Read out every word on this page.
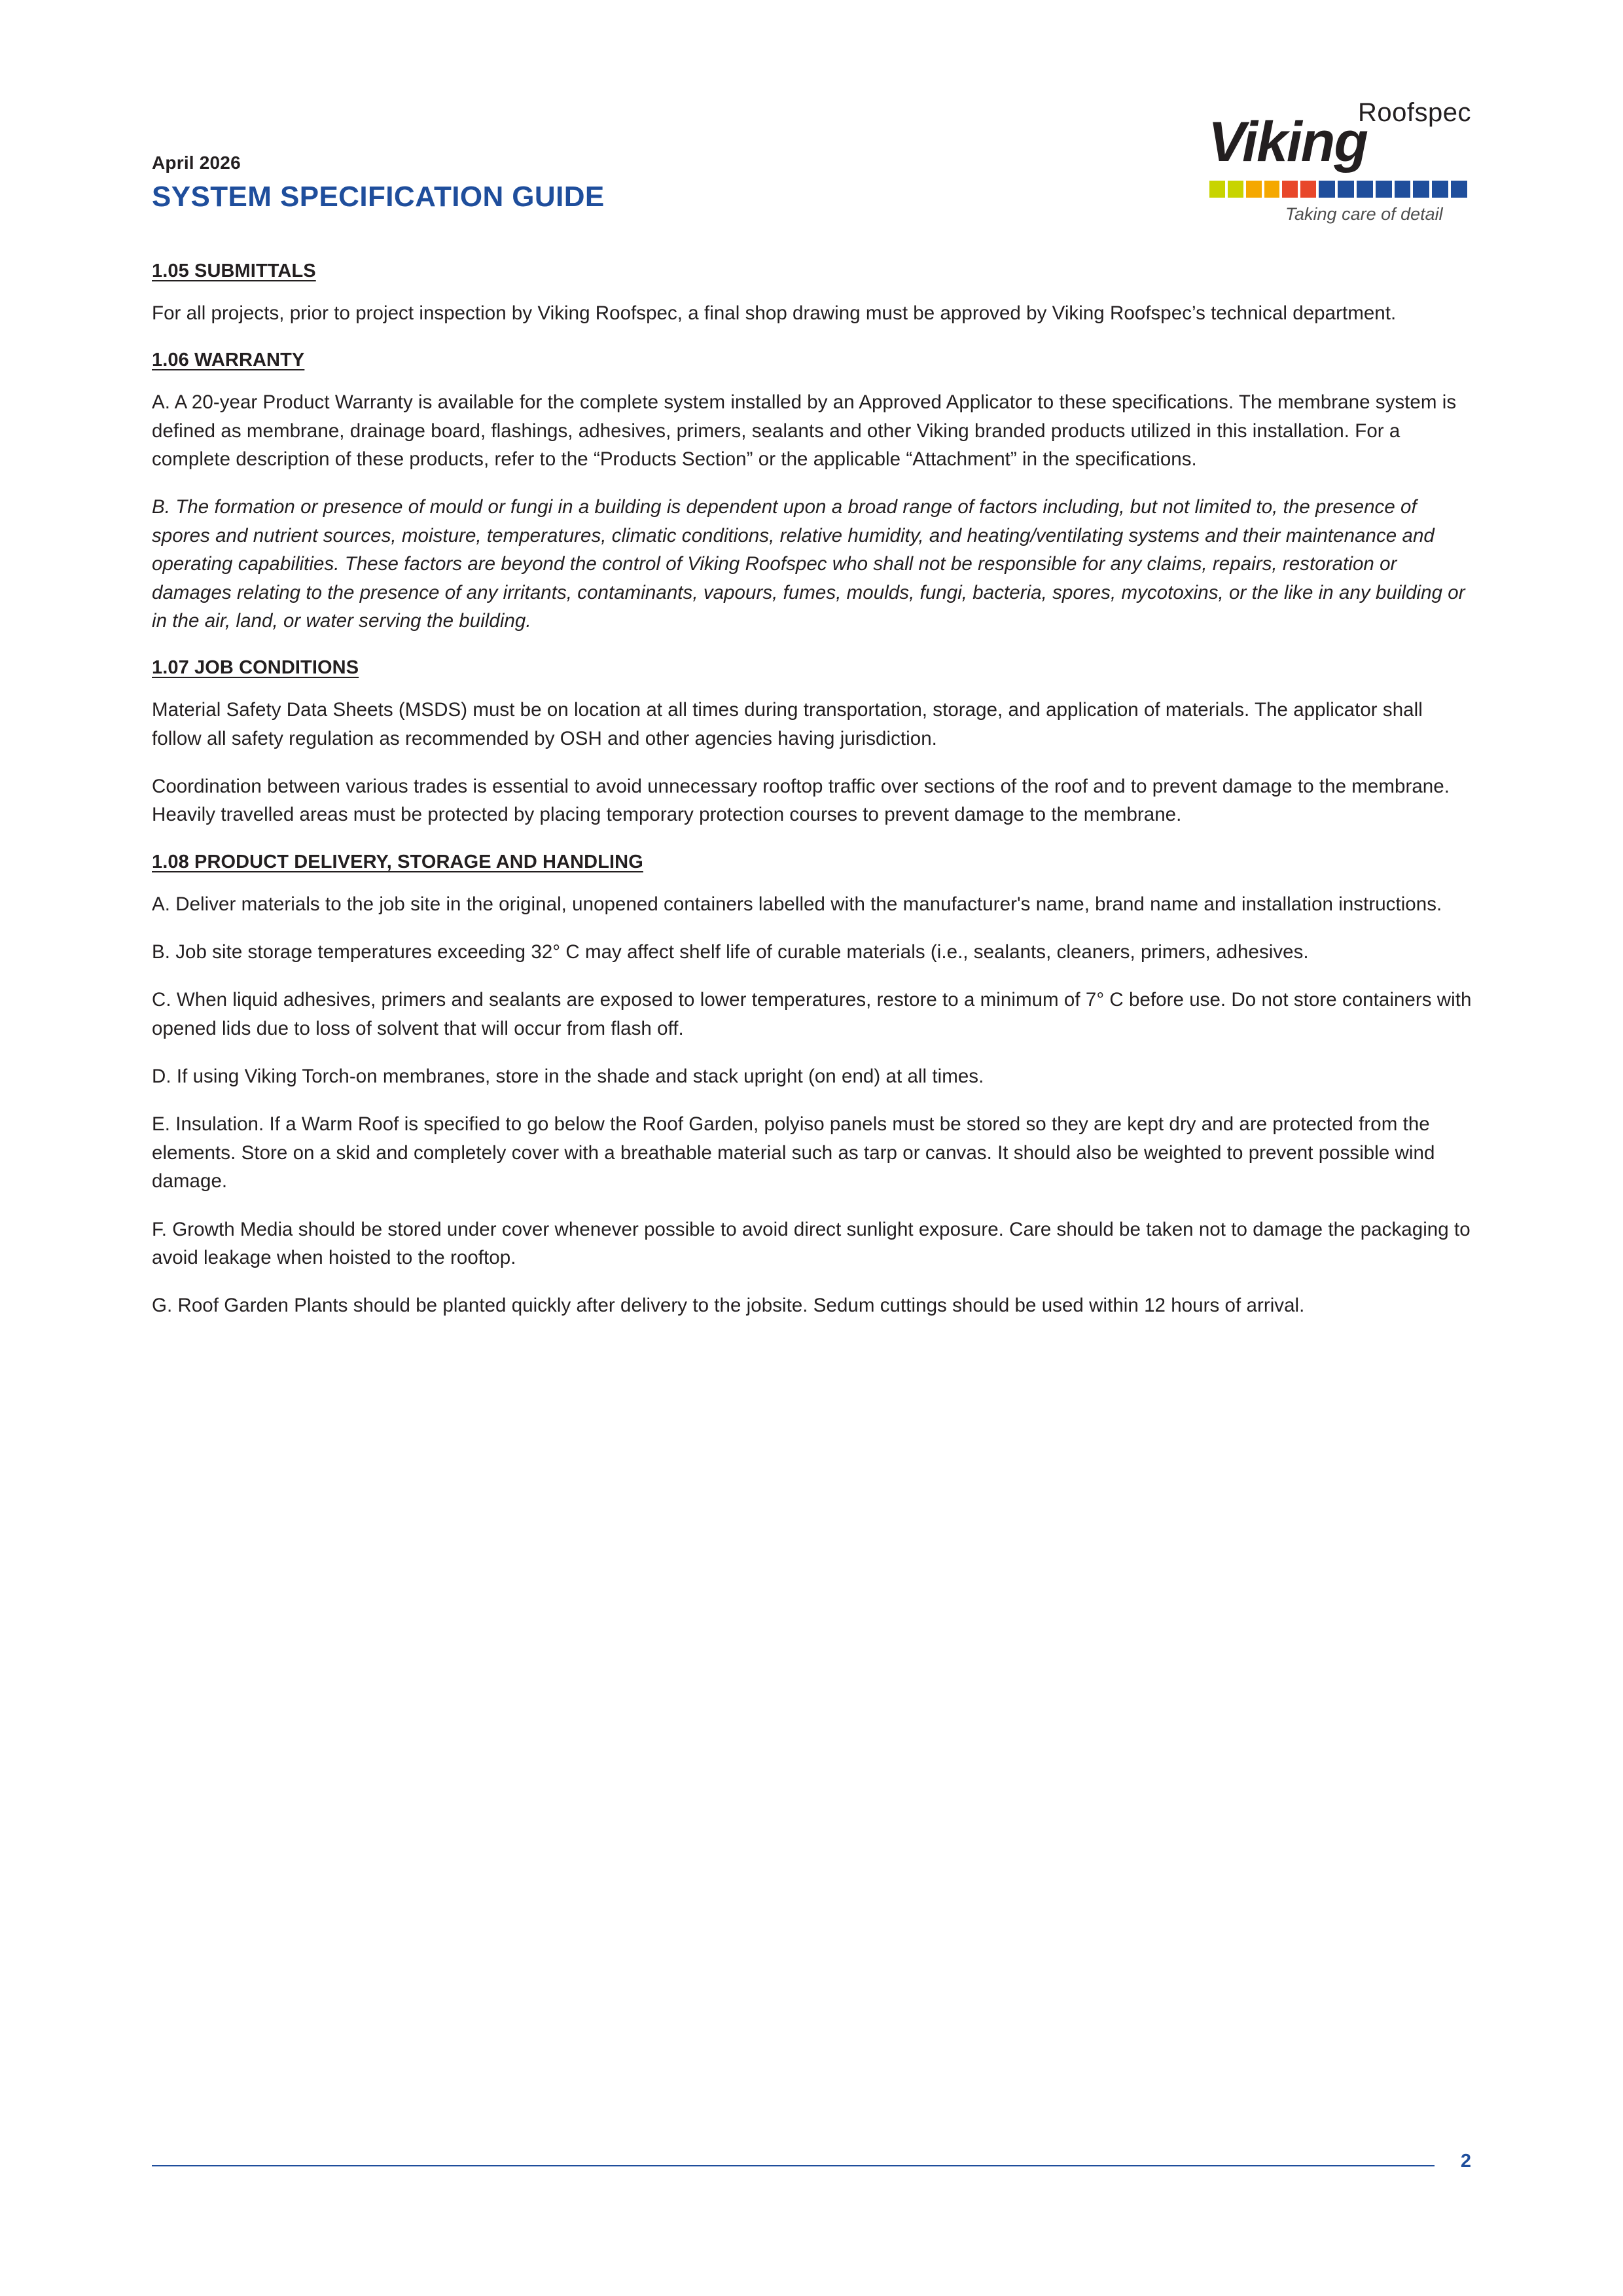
April 2026
SYSTEM SPECIFICATION GUIDE
Roofspec
Viking
Taking care of detail
1.05 SUBMITTALS

For all projects, prior to project inspection by Viking Roofspec, a final shop drawing must be approved by Viking Roofspec’s technical department.

1.06 WARRANTY

A. A 20-year Product Warranty is available for the complete system installed by an Approved Applicator to these specifications. The membrane system is defined as membrane, drainage board, flashings, adhesives, primers, sealants and other Viking branded products utilized in this installation. For a complete description of these products, refer to the “Products Section” or the applicable “Attachment” in the specifications.

B. The formation or presence of mould or fungi in a building is dependent upon a broad range of factors including, but not limited to, the presence of spores and nutrient sources, moisture, temperatures, climatic conditions, relative humidity, and heating/ventilating systems and their maintenance and operating capabilities. These factors are beyond the control of Viking Roofspec who shall not be responsible for any claims, repairs, restoration or damages relating to the presence of any irritants, contaminants, vapours, fumes, moulds, fungi, bacteria, spores, mycotoxins, or the like in any building or in the air, land, or water serving the building.

1.07 JOB CONDITIONS

Material Safety Data Sheets (MSDS) must be on location at all times during transportation, storage, and application of materials. The applicator shall follow all safety regulation as recommended by OSH and other agencies having jurisdiction.

Coordination between various trades is essential to avoid unnecessary rooftop traffic over sections of the roof and to prevent damage to the membrane. Heavily travelled areas must be protected by placing temporary protection courses to prevent damage to the membrane.

1.08 PRODUCT DELIVERY, STORAGE AND HANDLING

A. Deliver materials to the job site in the original, unopened containers labelled with the manufacturer's name, brand name and installation instructions.

B. Job site storage temperatures exceeding 32° C may affect shelf life of curable materials (i.e., sealants, cleaners, primers, adhesives.

C. When liquid adhesives, primers and sealants are exposed to lower temperatures, restore to a minimum of 7° C before use. Do not store containers with opened lids due to loss of solvent that will occur from flash off.

D. If using Viking Torch-on membranes, store in the shade and stack upright (on end) at all times.

E. Insulation. If a Warm Roof is specified to go below the Roof Garden, polyiso panels must be stored so they are kept dry and are protected from the elements. Store on a skid and completely cover with a breathable material such as tarp or canvas. It should also be weighted to prevent possible wind damage.

F. Growth Media should be stored under cover whenever possible to avoid direct sunlight exposure. Care should be taken not to damage the packaging to avoid leakage when hoisted to the rooftop.

G. Roof Garden Plants should be planted quickly after delivery to the jobsite. Sedum cuttings should be used within 12 hours of arrival.

2
